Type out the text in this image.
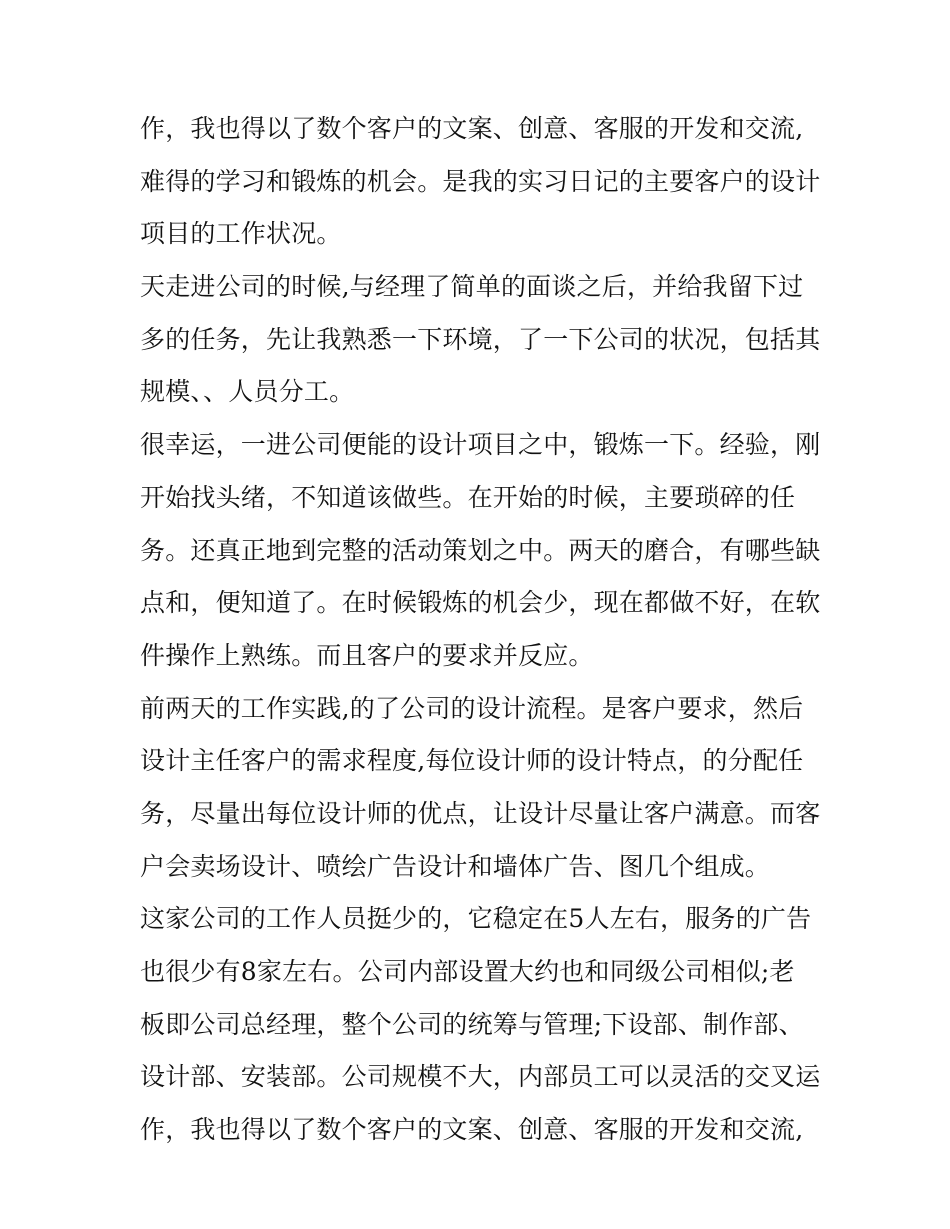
作，我也得以了数个客户的文案、创意、客服的开发和交流,
难得的学习和锻炼的机会。是我的实习日记的主要客户的设计
项目的工作状况。
天走进公司的时候,与经理了简单的面谈之后，并给我留下过
多的任务，先让我熟悉一下环境，了一下公司的状况，包括其
规模、、人员分工。
很幸运，一进公司便能的设计项目之中，锻炼一下。经验，刚
开始找头绪，不知道该做些。在开始的时候，主要琐碎的任
务。还真正地到完整的活动策划之中。两天的磨合，有哪些缺
点和，便知道了。在时候锻炼的机会少，现在都做不好，在软
件操作上熟练。而且客户的要求并反应。
前两天的工作实践,的了公司的设计流程。是客户要求，然后
设计主任客户的需求程度,每位设计师的设计特点，的分配任
务，尽量出每位设计师的优点，让设计尽量让客户满意。而客
户会卖场设计、喷绘广告设计和墙体广告、图几个组成。
这家公司的工作人员挺少的，它稳定在5人左右，服务的广告
也很少有8家左右。公司内部设置大约也和同级公司相似;老
板即公司总经理，整个公司的统筹与管理;下设部、制作部、
设计部、安装部。公司规模不大，内部员工可以灵活的交叉运
作，我也得以了数个客户的文案、创意、客服的开发和交流,
